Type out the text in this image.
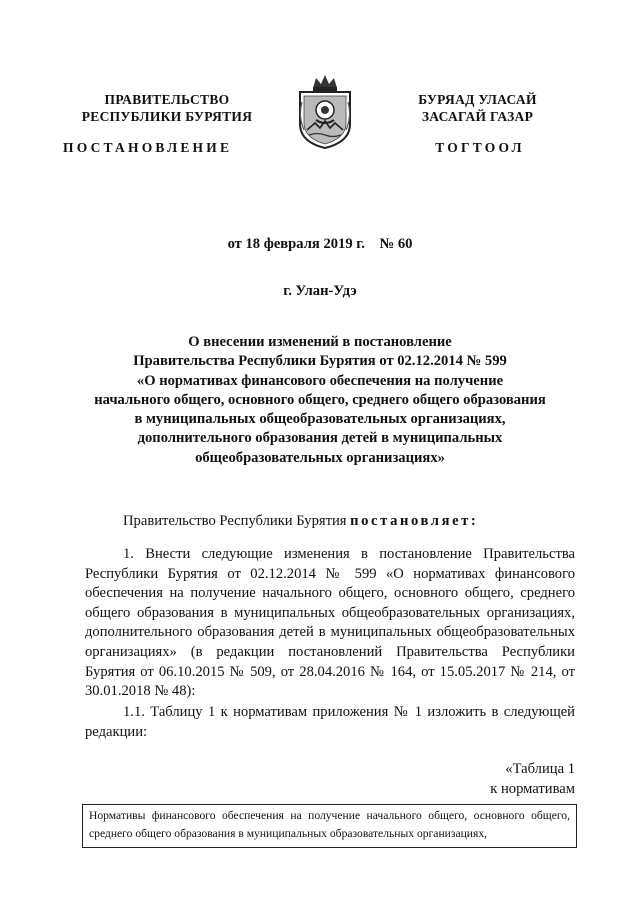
ПРАВИТЕЛЬСТВО
РЕСПУБЛИКИ БУРЯТИЯ
БУРЯАД УЛАСАЙ
ЗАСАГАЙ ГАЗАР
ПОСТАНОВЛЕНИЕ	ТОГТООЛ
от 18 февраля 2019 г.    № 60
г. Улан-Удэ
О внесении изменений в постановление
Правительства Республики Бурятия от 02.12.2014 № 599
«О нормативах финансового обеспечения на получение
начального общего, основного общего, среднего общего образования
в муниципальных общеобразовательных организациях,
дополнительного образования детей в муниципальных
общеобразовательных организациях»
Правительство Республики Бурятия постановляет:
1. Внести следующие изменения в постановление Правительства Республики Бурятия от 02.12.2014 № 599 «О нормативах финансового обеспечения на получение начального общего, основного общего, среднего общего образования в муниципальных общеобразовательных организациях, дополнительного образования детей в муниципальных общеобразовательных организациях» (в редакции постановлений Правительства Республики Бурятия от 06.10.2015 № 509, от 28.04.2016 № 164, от 15.05.2017 № 214, от 30.01.2018 № 48):
1.1. Таблицу 1 к нормативам приложения № 1 изложить в следующей редакции:
«Таблица 1
к нормативам
Нормативы финансового обеспечения на получение начального общего, основного общего, среднего общего образования в муниципальных образовательных организациях,
